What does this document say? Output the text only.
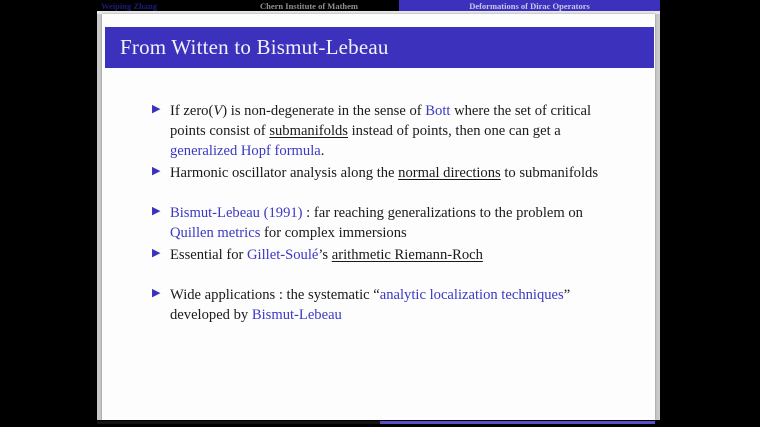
Weiping Zhang	Chern Institute of Mathem	Deformations of Dirac Operators
From Witten to Bismut-Lebeau
▶ If zero(V) is non-degenerate in the sense of Bott where the set of critical points consist of submanifolds instead of points, then one can get a generalized Hopf formula.
▶ Harmonic oscillator analysis along the normal directions to submanifolds
▶ Bismut-Lebeau (1991) : far reaching generalizations to the problem on Quillen metrics for complex immersions
▶ Essential for Gillet-Soulé’s arithmetic Riemann-Roch
▶ Wide applications : the systematic “analytic localization techniques” developed by Bismut-Lebeau
